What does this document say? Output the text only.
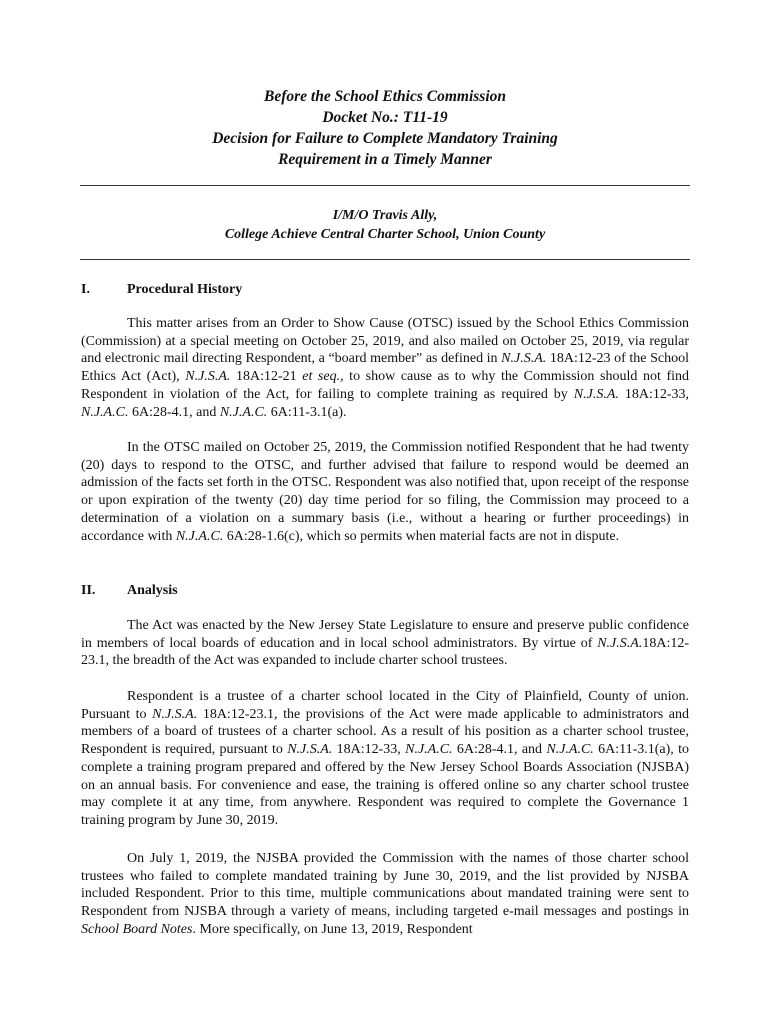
Before the School Ethics Commission
Docket No.: T11-19
Decision for Failure to Complete Mandatory Training
Requirement in a Timely Manner
I/M/O Travis Ally,
College Achieve Central Charter School, Union County
I.	Procedural History

This matter arises from an Order to Show Cause (OTSC) issued by the School Ethics Commission (Commission) at a special meeting on October 25, 2019, and also mailed on October 25, 2019, via regular and electronic mail directing Respondent, a “board member” as defined in N.J.S.A. 18A:12-23 of the School Ethics Act (Act), N.J.S.A. 18A:12-21 et seq., to show cause as to why the Commission should not find Respondent in violation of the Act, for failing to complete training as required by N.J.S.A. 18A:12-33, N.J.A.C. 6A:28-4.1, and N.J.A.C. 6A:11-3.1(a).

In the OTSC mailed on October 25, 2019, the Commission notified Respondent that he had twenty (20) days to respond to the OTSC, and further advised that failure to respond would be deemed an admission of the facts set forth in the OTSC. Respondent was also notified that, upon receipt of the response or upon expiration of the twenty (20) day time period for so filing, the Commission may proceed to a determination of a violation on a summary basis (i.e., without a hearing or further proceedings) in accordance with N.J.A.C. 6A:28-1.6(c), which so permits when material facts are not in dispute.

II. Analysis

The Act was enacted by the New Jersey State Legislature to ensure and preserve public confidence in members of local boards of education and in local school administrators. By virtue of N.J.S.A.18A:12-23.1, the breadth of the Act was expanded to include charter school trustees.

Respondent is a trustee of a charter school located in the City of Plainfield, County of union. Pursuant to N.J.S.A. 18A:12-23.1, the provisions of the Act were made applicable to administrators and members of a board of trustees of a charter school. As a result of his position as a charter school trustee, Respondent is required, pursuant to N.J.S.A. 18A:12-33, N.J.A.C. 6A:28-4.1, and N.J.A.C. 6A:11-3.1(a), to complete a training program prepared and offered by the New Jersey School Boards Association (NJSBA) on an annual basis. For convenience and ease, the training is offered online so any charter school trustee may complete it at any time, from anywhere. Respondent was required to complete the Governance 1 training program by June 30, 2019.

On July 1, 2019, the NJSBA provided the Commission with the names of those charter school trustees who failed to complete mandated training by June 30, 2019, and the list provided by NJSBA included Respondent. Prior to this time, multiple communications about mandated training were sent to Respondent from NJSBA through a variety of means, including targeted e-mail messages and postings in School Board Notes. More specifically, on June 13, 2019, Respondent
